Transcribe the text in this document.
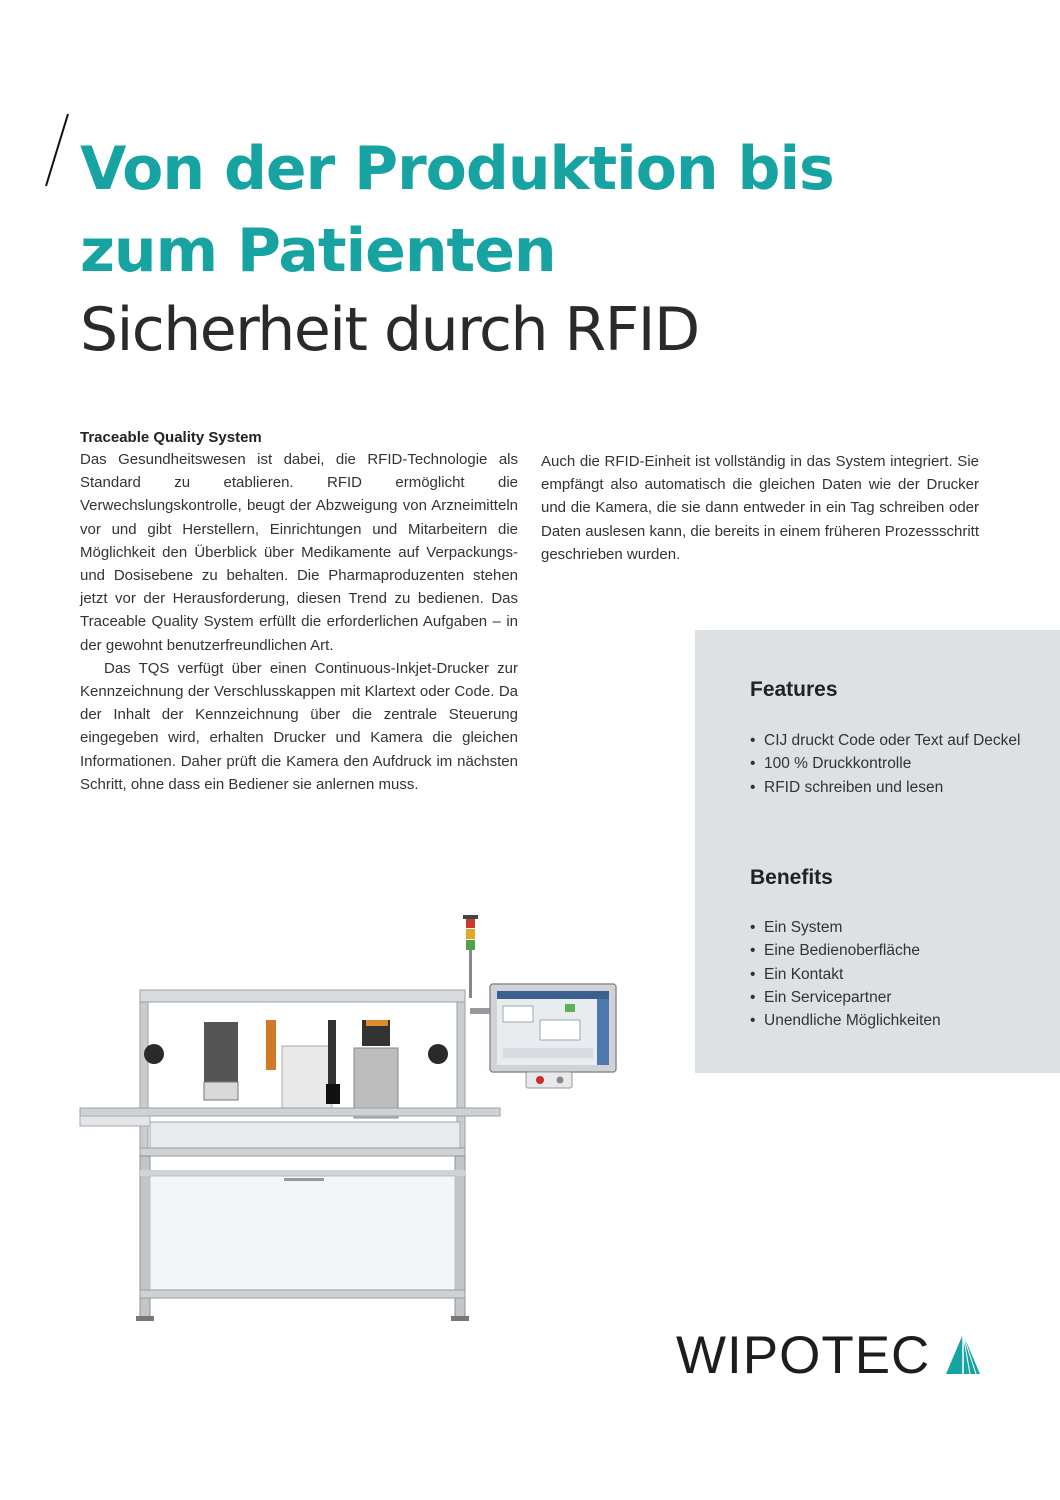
Von der Produktion bis
zum Patienten
Sicherheit durch RFID
Traceable Quality System

Das Gesundheitswesen ist dabei, die RFID-Technologie als Standard zu etablieren. RFID ermöglicht die Verwechslungskontrolle, beugt der Abzweigung von Arzneimitteln vor und gibt Herstellern, Einrichtungen und Mitarbeitern die Möglichkeit den Überblick über Medikamente auf Verpackungs- und Dosisebene zu behalten. Die Pharmaproduzenten stehen jetzt vor der Herausforderung, diesen Trend zu bedienen. Das Traceable Quality System erfüllt die erforderlichen Aufgaben – in der gewohnt benutzerfreundlichen Art.

Das TQS verfügt über einen Continuous-Inkjet-Drucker zur Kennzeichnung der Verschlusskappen mit Klartext oder Code. Da der Inhalt der Kennzeichnung über die zentrale Steuerung eingegeben wird, erhalten Drucker und Kamera die gleichen Informationen. Daher prüft die Kamera den Aufdruck im nächsten Schritt, ohne dass ein Bediener sie anlernen muss.

Auch die RFID-Einheit ist vollständig in das System integriert. Sie empfängt also automatisch die gleichen Daten wie der Drucker und die Kamera, die sie dann entweder in ein Tag schreiben oder Daten auslesen kann, die bereits in einem früheren Prozessschritt geschrieben wurden.

Features
• CIJ druckt Code oder Text auf Deckel
• 100 % Druckkontrolle
• RFID schreiben und lesen
Benefits
• Ein System
• Eine Bedienoberfläche
• Ein Kontakt
• Ein Servicepartner
• Unendliche Möglichkeiten
WIPOTEC
